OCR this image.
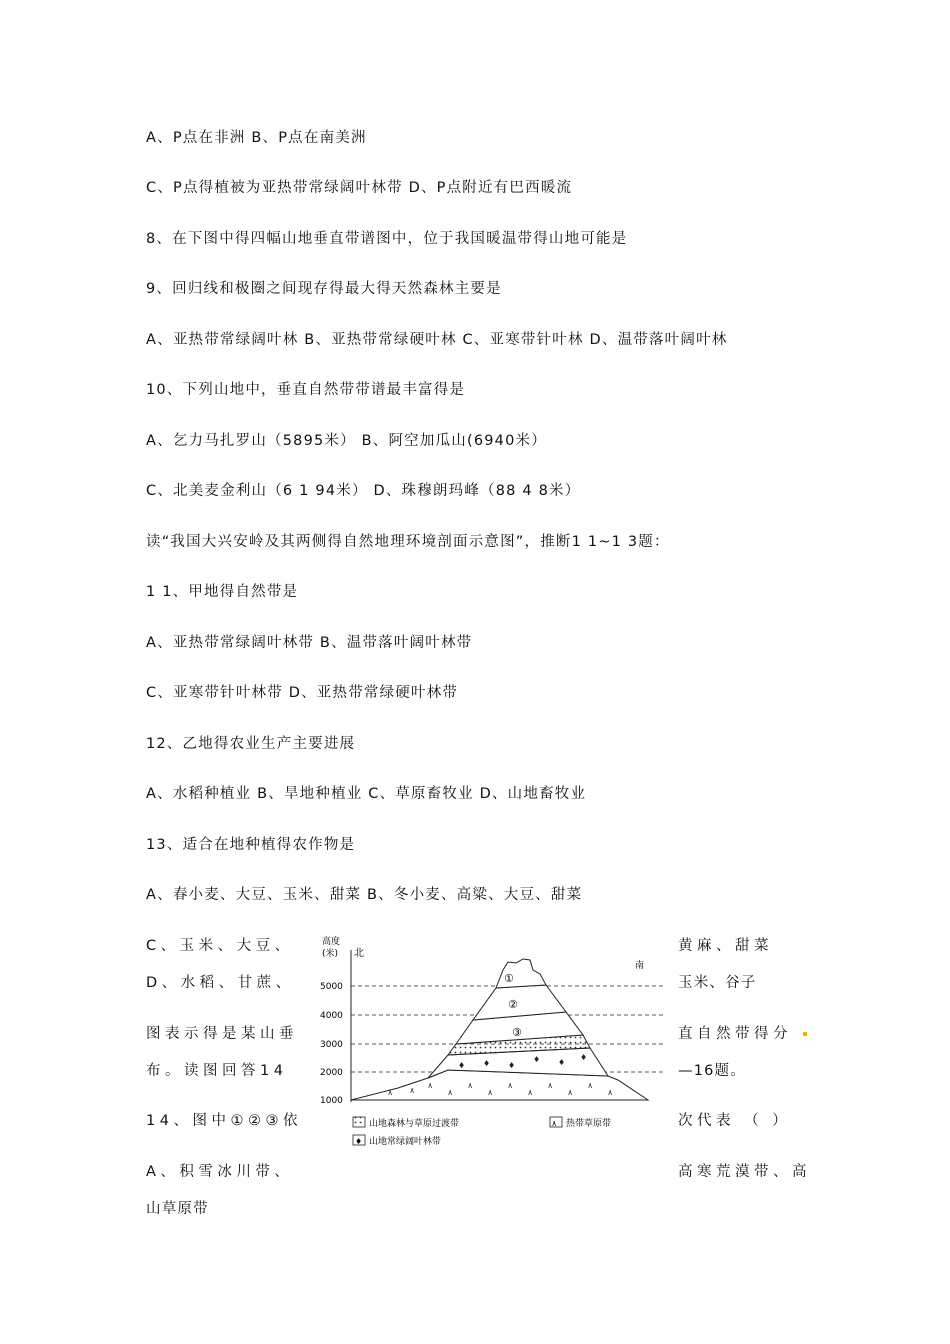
A、P点在非洲 B、P点在南美洲
C、P点得植被为亚热带常绿阔叶林带 D、P点附近有巴西暖流
8、在下图中得四幅山地垂直带谱图中，位于我国暖温带得山地可能是
9、回归线和极圈之间现存得最大得天然森林主要是
A、亚热带常绿阔叶林 B、亚热带常绿硬叶林 C、亚寒带针叶林 D、温带落叶阔叶林
10、下列山地中，垂直自然带带谱最丰富得是
A、乞力马扎罗山（5895米） B、阿空加瓜山(6940米）
C、北美麦金利山（6 1 94米） D、珠穆朗玛峰（88 4 8米）
读“我国大兴安岭及其两侧得自然地理环境剖面示意图”，推断1 1~1 3题：
1 1、甲地得自然带是
A、亚热带常绿阔叶林带 B、温带落叶阔叶林带
C、亚寒带针叶林带 D、亚热带常绿硬叶林带
12、乙地得农业生产主要进展
A、水稻种植业 B、旱地种植业 C、草原畜牧业 D、山地畜牧业
13、适合在地种植得农作物是
A、春小麦、大豆、玉米、甜菜 B、冬小麦、高粱、大豆、甜菜
C、玉米、大豆、	黄麻、甜菜
D、水稻、甘蔗、	玉米、谷子
图表示得是某山垂	直自然带得分
布。读图回答14	—16题。
14、图中①②③依	次代表 （ ）
A、积雪冰川带、	高寒荒漠带、高
山草原带
高度
(米) 北
南
5000
4000
3000
2000
1000
٨ ٨
٨
٨
٨
٨
٨
٨
٨
٨
٨
٨
♦ ♦ ♦
♦ ♦
♦
①
②
③
山地森林与草原过渡带	٨ 热带草原带
♦ 山地常绿阔叶林带
